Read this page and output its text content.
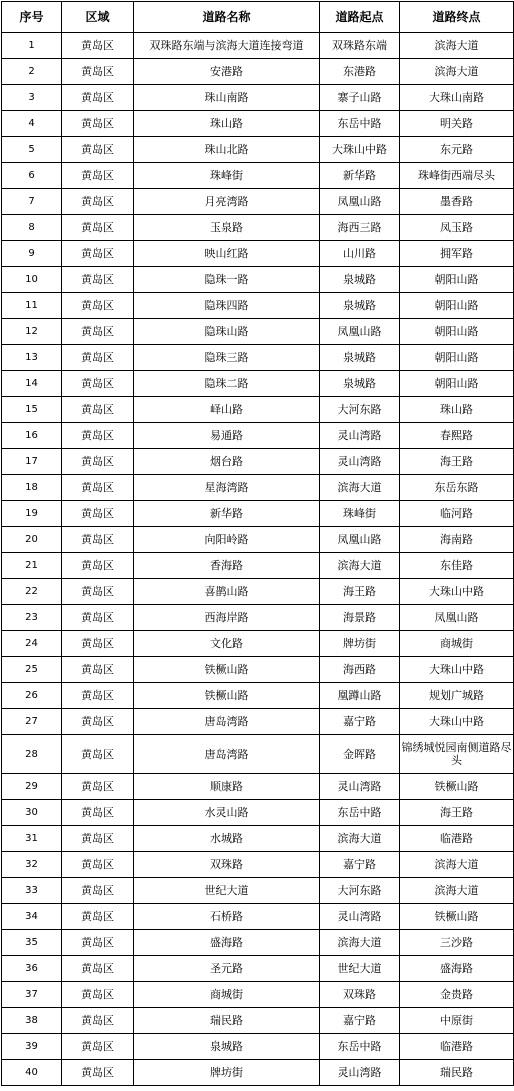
序号	区域	道路名称	道路起点	道路终点
1	黄岛区	双珠路东端与滨海大道连接弯道	双珠路东端	滨海大道
2	黄岛区	安港路	东港路	滨海大道
3	黄岛区	珠山南路	寨子山路	大珠山南路
4	黄岛区	珠山路	东岳中路	明关路
5	黄岛区	珠山北路	大珠山中路	东元路
6	黄岛区	珠峰街	新华路	珠峰街西端尽头
7	黄岛区	月亮湾路	凤凰山路	墨香路
8	黄岛区	玉泉路	海西三路	凤玉路
9	黄岛区	映山红路	山川路	拥军路
10	黄岛区	隐珠一路	泉城路	朝阳山路
11	黄岛区	隐珠四路	泉城路	朝阳山路
12	黄岛区	隐珠山路	凤凰山路	朝阳山路
13	黄岛区	隐珠三路	泉城路	朝阳山路
14	黄岛区	隐珠二路	泉城路	朝阳山路
15	黄岛区	峄山路	大河东路	珠山路
16	黄岛区	易通路	灵山湾路	春熙路
17	黄岛区	烟台路	灵山湾路	海王路
18	黄岛区	星海湾路	滨海大道	东岳东路
19	黄岛区	新华路	珠峰街	临河路
20	黄岛区	向阳岭路	凤凰山路	海南路
21	黄岛区	香海路	滨海大道	东佳路
22	黄岛区	喜鹊山路	海王路	大珠山中路
23	黄岛区	西海岸路	海景路	凤凰山路
24	黄岛区	文化路	牌坊街	商城街
25	黄岛区	铁橛山路	海西路	大珠山中路
26	黄岛区	铁橛山路	凰蹲山路	规划广城路
27	黄岛区	唐岛湾路	嘉宁路	大珠山中路
28	黄岛区	唐岛湾路	金晖路	锦绣城悦园南侧道路尽头
29	黄岛区	顺康路	灵山湾路	铁橛山路
30	黄岛区	水灵山路	东岳中路	海王路
31	黄岛区	水城路	滨海大道	临港路
32	黄岛区	双珠路	嘉宁路	滨海大道
33	黄岛区	世纪大道	大河东路	滨海大道
34	黄岛区	石桥路	灵山湾路	铁橛山路
35	黄岛区	盛海路	滨海大道	三沙路
36	黄岛区	圣元路	世纪大道	盛海路
37	黄岛区	商城街	双珠路	金贵路
38	黄岛区	瑞民路	嘉宁路	中原街
39	黄岛区	泉城路	东岳中路	临港路
40	黄岛区	牌坊街	灵山湾路	瑞民路
